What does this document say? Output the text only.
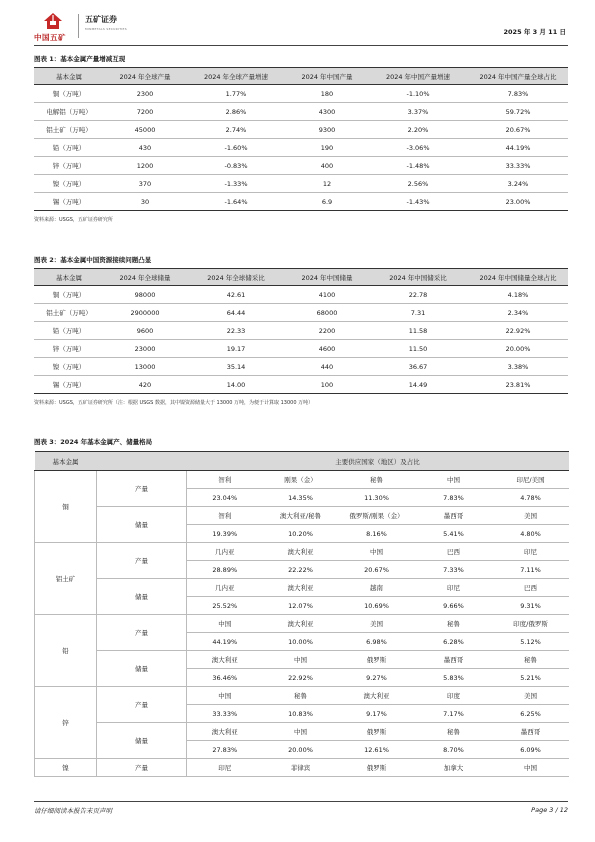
中国五矿
五矿证券
MINMETALS SECURITIES	2025 年 3 月 11 日
图表 1：基本金属产量增减互现
基本金属	2024 年全球产量	2024 年全球产量增速	2024 年中国产量	2024 年中国产量增速	2024 年中国产量全球占比
铜（万吨）	2300	1.77%	180	-1.10%	7.83%
电解铝（万吨）	7200	2.86%	4300	3.37%	59.72%
铝土矿（万吨）	45000	2.74%	9300	2.20%	20.67%
铅（万吨）	430	-1.60%	190	-3.06%	44.19%
锌（万吨）	1200	-0.83%	400	-1.48%	33.33%
镍（万吨）	370	-1.33%	12	2.56%	3.24%
锡（万吨）	30	-1.64%	6.9	-1.43%	23.00%
资料来源：USGS，五矿证券研究所
图表 2：基本金属中国资源接续问题凸显
基本金属	2024 年全球储量	2024 年全球储采比	2024 年中国储量	2024 年中国储采比	2024 年中国储量全球占比
铜（万吨）	98000	42.61	4100	22.78	4.18%
铝土矿（万吨）	2900000	64.44	68000	7.31	2.34%
铅（万吨）	9600	22.33	2200	11.58	22.92%
锌（万吨）	23000	19.17	4600	11.50	20.00%
镍（万吨）	13000	35.14	440	36.67	3.38%
锡（万吨）	420	14.00	100	14.49	23.81%
资料来源：USGS，五矿证券研究所（注：根据 USGS 数据，其中镍资源储量大于 13000 万吨，为便于计算取 13000 万吨）
图表 3：2024 年基本金属产、储量格局
基本金属		主要供应国家（地区）及占比				
铜	产量	智利	刚果（金）	秘鲁	中国	印尼/美国
		23.04%	14.35%	11.30%	7.83%	4.78%
	储量	智利	澳大利亚/秘鲁	俄罗斯/刚果（金）	墨西哥	美国
		19.39%	10.20%	8.16%	5.41%	4.80%
铝土矿	产量	几内亚	澳大利亚	中国	巴西	印尼
		28.89%	22.22%	20.67%	7.33%	7.11%
	储量	几内亚	澳大利亚	越南	印尼	巴西
		25.52%	12.07%	10.69%	9.66%	9.31%
铅	产量	中国	澳大利亚	美国	秘鲁	印度/俄罗斯
		44.19%	10.00%	6.98%	6.28%	5.12%
	储量	澳大利亚	中国	俄罗斯	墨西哥	秘鲁
		36.46%	22.92%	9.27%	5.83%	5.21%
锌	产量	中国	秘鲁	澳大利亚	印度	美国
		33.33%	10.83%	9.17%	7.17%	6.25%
	储量	澳大利亚	中国	俄罗斯	秘鲁	墨西哥
		27.83%	20.00%	12.61%	8.70%	6.09%
镍	产量	印尼	菲律宾	俄罗斯	加拿大	中国
请仔细阅读本报告末页声明	Page 3 / 12
